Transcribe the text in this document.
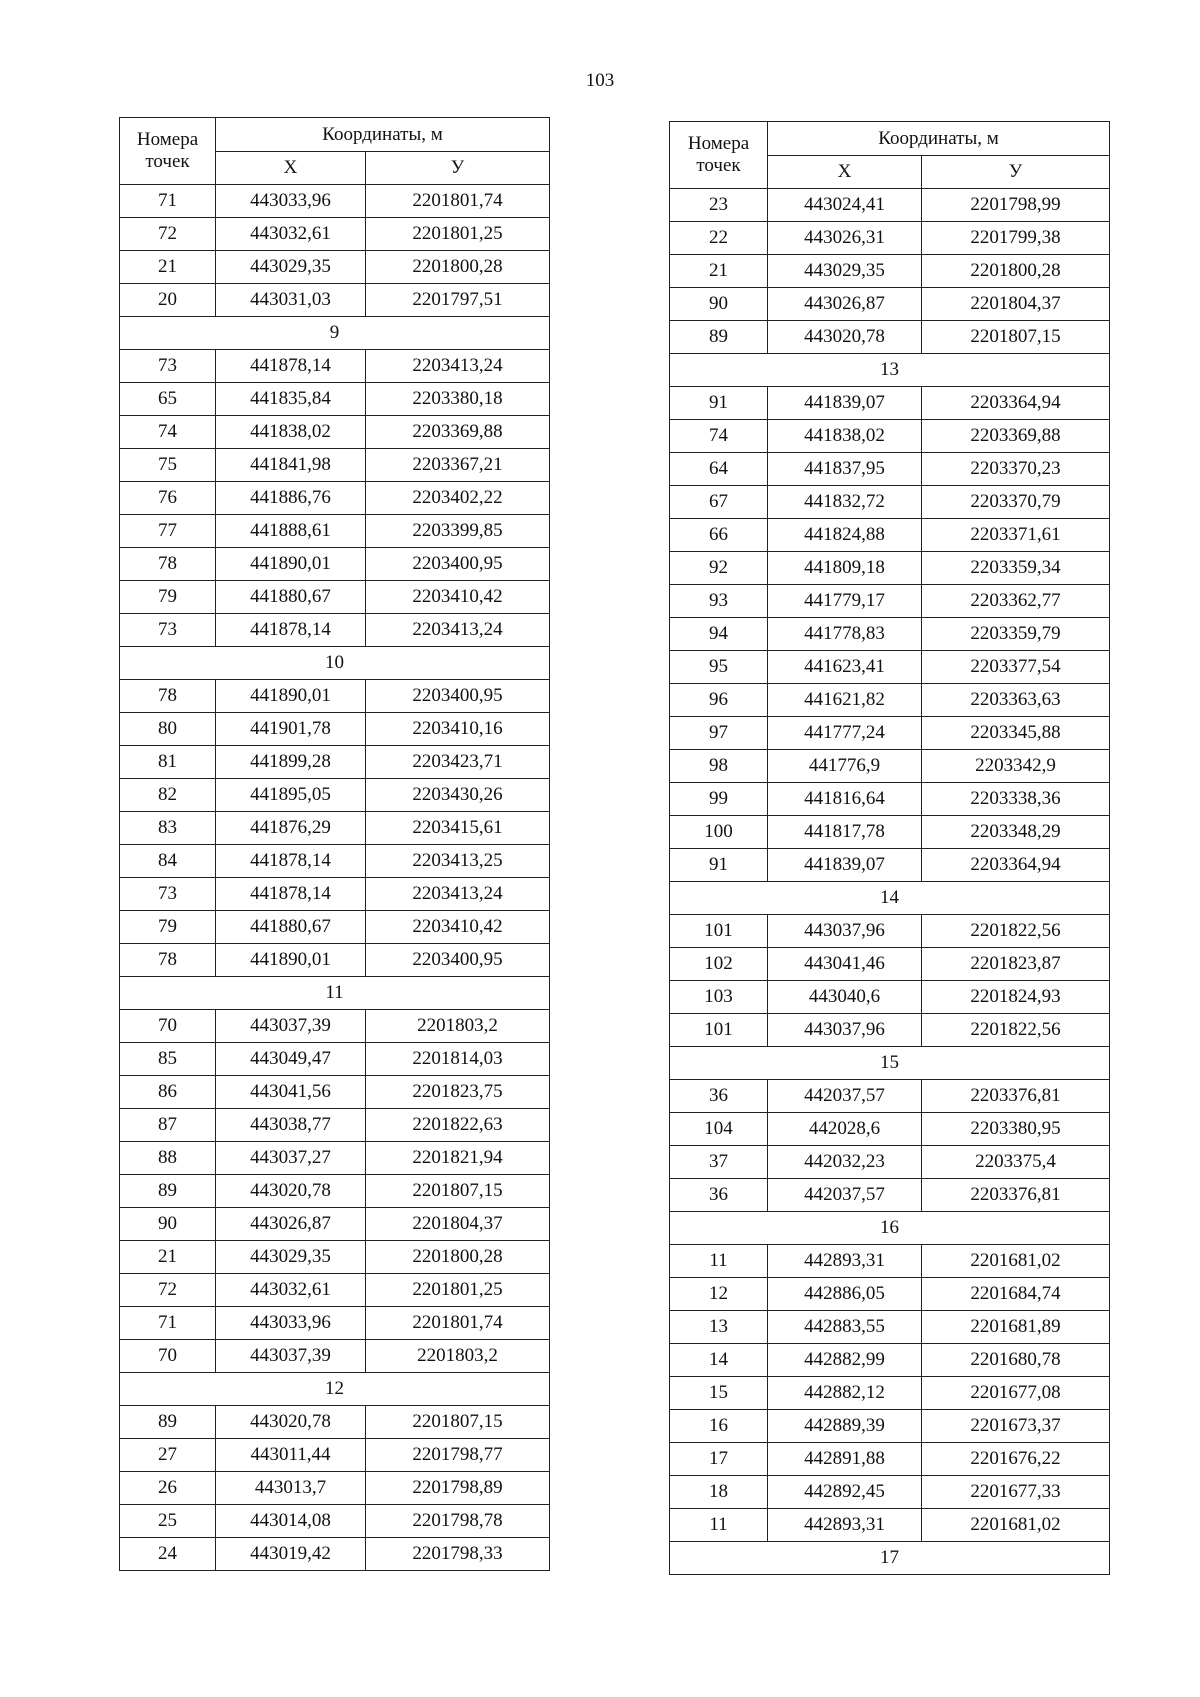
103
Номера точек	Координаты, м	
	X	У
71	443033,96	2201801,74
72	443032,61	2201801,25
21	443029,35	2201800,28
20	443031,03	2201797,51
9		
73	441878,14	2203413,24
65	441835,84	2203380,18
74	441838,02	2203369,88
75	441841,98	2203367,21
76	441886,76	2203402,22
77	441888,61	2203399,85
78	441890,01	2203400,95
79	441880,67	2203410,42
73	441878,14	2203413,24
10		
78	441890,01	2203400,95
80	441901,78	2203410,16
81	441899,28	2203423,71
82	441895,05	2203430,26
83	441876,29	2203415,61
84	441878,14	2203413,25
73	441878,14	2203413,24
79	441880,67	2203410,42
78	441890,01	2203400,95
11		
70	443037,39	2201803,2
85	443049,47	2201814,03
86	443041,56	2201823,75
87	443038,77	2201822,63
88	443037,27	2201821,94
89	443020,78	2201807,15
90	443026,87	2201804,37
21	443029,35	2201800,28
72	443032,61	2201801,25
71	443033,96	2201801,74
70	443037,39	2201803,2
12		
89	443020,78	2201807,15
27	443011,44	2201798,77
26	443013,7	2201798,89
25	443014,08	2201798,78
24	443019,42	2201798,33
Номера точек	Координаты, м	
	X	У
23	443024,41	2201798,99
22	443026,31	2201799,38
21	443029,35	2201800,28
90	443026,87	2201804,37
89	443020,78	2201807,15
13		
91	441839,07	2203364,94
74	441838,02	2203369,88
64	441837,95	2203370,23
67	441832,72	2203370,79
66	441824,88	2203371,61
92	441809,18	2203359,34
93	441779,17	2203362,77
94	441778,83	2203359,79
95	441623,41	2203377,54
96	441621,82	2203363,63
97	441777,24	2203345,88
98	441776,9	2203342,9
99	441816,64	2203338,36
100	441817,78	2203348,29
91	441839,07	2203364,94
14		
101	443037,96	2201822,56
102	443041,46	2201823,87
103	443040,6	2201824,93
101	443037,96	2201822,56
15		
36	442037,57	2203376,81
104	442028,6	2203380,95
37	442032,23	2203375,4
36	442037,57	2203376,81
16		
11	442893,31	2201681,02
12	442886,05	2201684,74
13	442883,55	2201681,89
14	442882,99	2201680,78
15	442882,12	2201677,08
16	442889,39	2201673,37
17	442891,88	2201676,22
18	442892,45	2201677,33
11	442893,31	2201681,02
17		
